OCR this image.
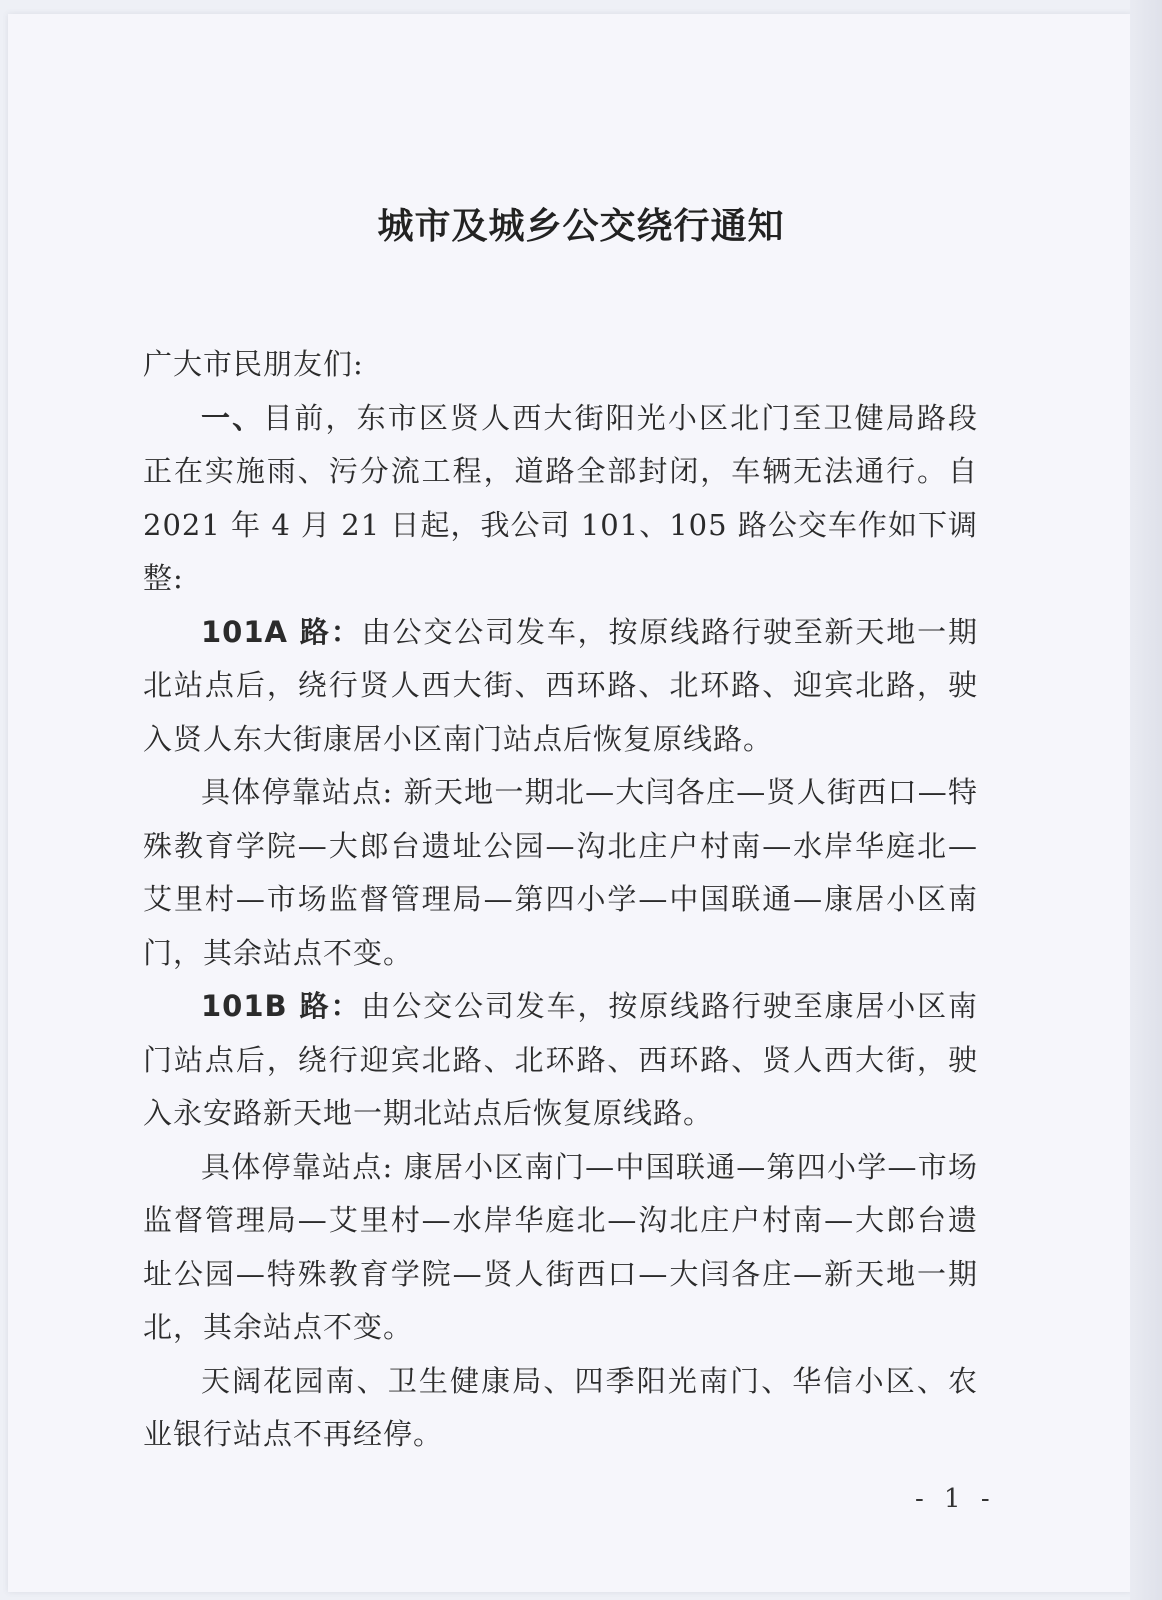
城市及城乡公交绕行通知

广大市民朋友们:

一、目前，东市区贤人西大街阳光小区北门至卫健局路段正在实施雨、污分流工程，道路全部封闭，车辆无法通行。自 2021 年 4 月 21 日起，我公司 101、105 路公交车作如下调整:

101A 路：由公交公司发车，按原线路行驶至新天地一期北站点后，绕行贤人西大街、西环路、北环路、迎宾北路，驶入贤人东大街康居小区南门站点后恢复原线路。

具体停靠站点: 新天地一期北—大闫各庄—贤人街西口—特殊教育学院—大郎台遗址公园—沟北庄户村南—水岸华庭北—艾里村—市场监督管理局—第四小学—中国联通—康居小区南门，其余站点不变。

101B 路：由公交公司发车，按原线路行驶至康居小区南门站点后，绕行迎宾北路、北环路、西环路、贤人西大街，驶入永安路新天地一期北站点后恢复原线路。

具体停靠站点: 康居小区南门—中国联通—第四小学—市场监督管理局—艾里村—水岸华庭北—沟北庄户村南—大郎台遗址公园—特殊教育学院—贤人街西口—大闫各庄—新天地一期北，其余站点不变。

天阔花园南、卫生健康局、四季阳光南门、华信小区、农业银行站点不再经停。

- 1 -
